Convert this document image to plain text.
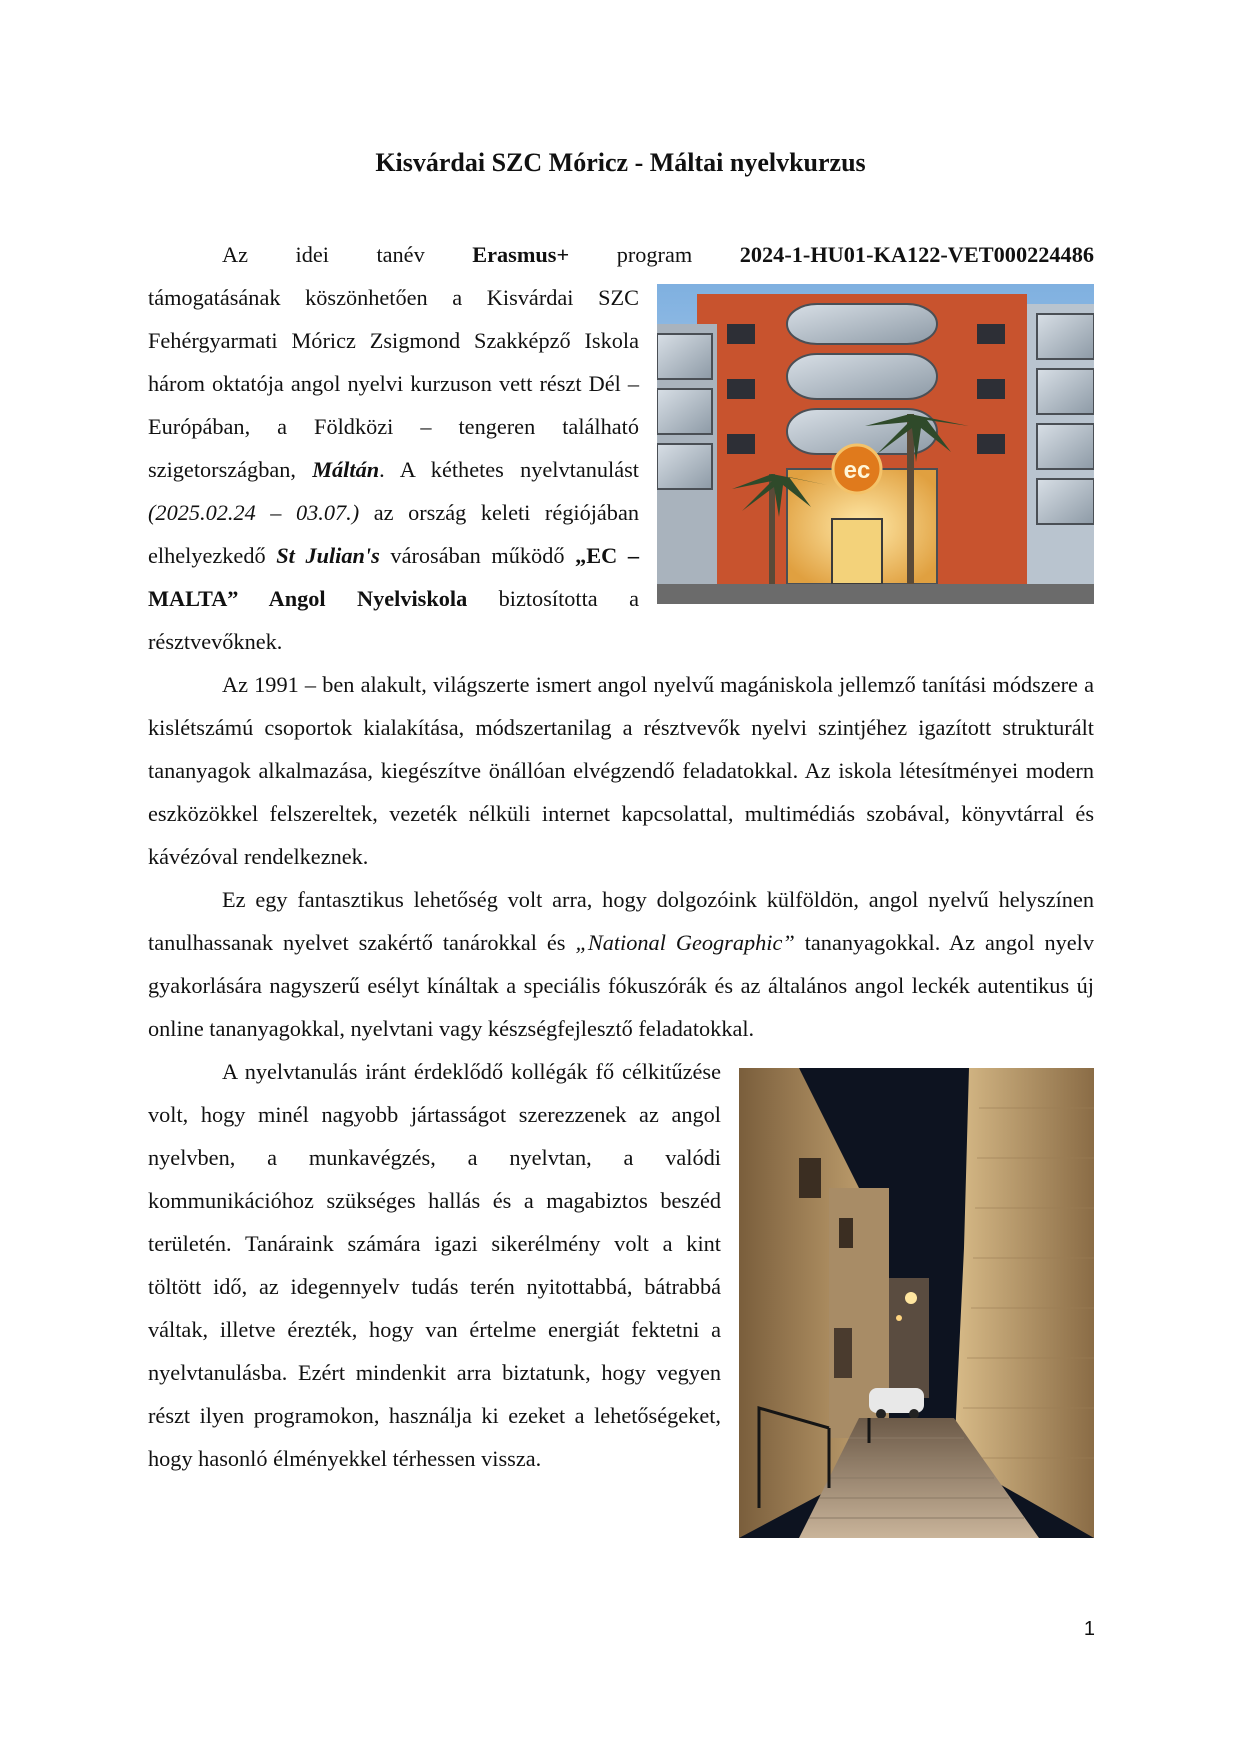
Kisvárdai SZC Móricz - Máltai nyelvkurzus
Az idei tanév Erasmus+ program 2024-1-HU01-KA122-VET000224486
ec

támogatásának köszönhetően a Kisvárdai SZC Fehérgyarmati Móricz Zsigmond Szakképző Iskola három oktatója angol nyelvi kurzuson vett részt Dél – Európában, a Földközi – tengeren található szigetországban, Máltán. A kéthetes nyelvtanulást (2025.02.24 – 03.07.) az ország keleti régiójában elhelyezkedő St Julian's városában működő „EC – MALTA” Angol Nyelviskola biztosította a résztvevőknek.

Az 1991 – ben alakult, világszerte ismert angol nyelvű magániskola jellemző tanítási módszere a kislétszámú csoportok kialakítása, módszertanilag a résztvevők nyelvi szintjéhez igazított strukturált tananyagok alkalmazása, kiegészítve önállóan elvégzendő feladatokkal. Az iskola létesítményei modern eszközökkel felszereltek, vezeték nélküli internet kapcsolattal, multimédiás szobával, könyvtárral és kávézóval rendelkeznek.

Ez egy fantasztikus lehetőség volt arra, hogy dolgozóink külföldön, angol nyelvű helyszínen tanulhassanak nyelvet szakértő tanárokkal és „National Geographic” tananyagokkal. Az angol nyelv gyakorlására nagyszerű esélyt kínáltak a speciális fókuszórák és az általános angol leckék autentikus új online tananyagokkal, nyelvtani vagy készségfejlesztő feladatokkal.

A nyelvtanulás iránt érdeklődő kollégák fő célkitűzése volt, hogy minél nagyobb jártasságot szerezzenek az angol nyelvben, a munkavégzés, a nyelvtan, a valódi kommunikációhoz szükséges hallás és a magabiztos beszéd területén. Tanáraink számára igazi sikerélmény volt a kint töltött idő, az idegennyelv tudás terén nyitottabbá, bátrabbá váltak, illetve érezték, hogy van értelme energiát fektetni a nyelvtanulásba. Ezért mindenkit arra biztatunk, hogy vegyen részt ilyen programokon, használja ki ezeket a lehetőségeket, hogy hasonló élményekkel térhessen vissza.

1
